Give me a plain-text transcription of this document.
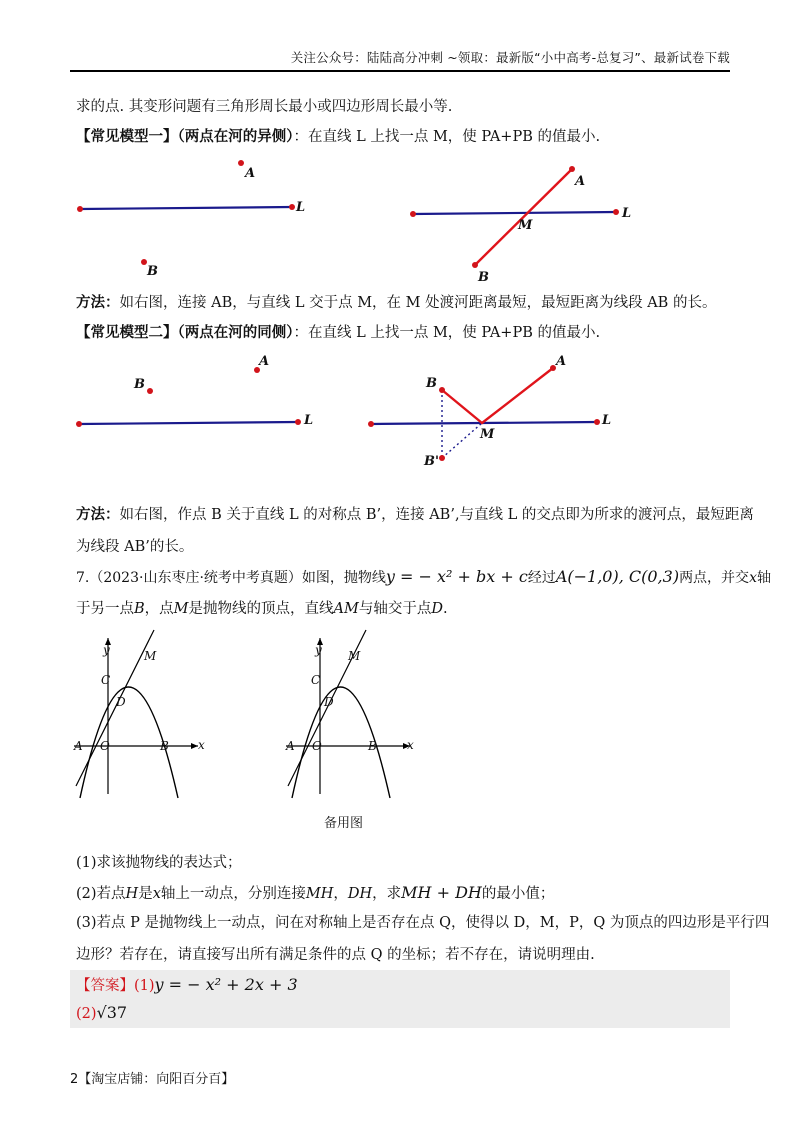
关注公众号：陆陆高分冲刺 ~领取：最新版“小中高考-总复习”、最新试卷下载
求的点. 其变形问题有三角形周长最小或四边形周长最小等.
【常见模型一】（两点在河的异侧）：在直线 L 上找一点 M，使 PA+PB 的值最小.
A
L
B
A
L
M
B
方法：如右图，连接 AB，与直线 L 交于点 M，在 M 处渡河距离最短，最短距离为线段 AB 的长。
【常见模型二】（两点在河的同侧）：在直线 L 上找一点 M，使 PA+PB 的值最小.
A
B
L
A
B
L
M
B'
方法：如右图，作点 B 关于直线 L 的对称点 B’，连接 AB’,与直线 L 的交点即为所求的渡河点，最短距离
为线段 AB’的长。
7.（2023·山东枣庄·统考中考真题）如图，抛物线y = − x² + bx + c经过A(−1,0), C(0,3)两点，并交x轴
于另一点B，点M是抛物线的顶点，直线AM与轴交于点D.
y	M
C
D
A O	B x
y M
C
D
A O	B	x
备用图
(1)求该抛物线的表达式；
(2)若点H是x轴上一动点，分别连接MH，DH，求MH + DH的最小值；
(3)若点 P 是抛物线上一动点，问在对称轴上是否存在点 Q，使得以 D，M，P，Q 为顶点的四边形是平行四
边形？若存在，请直接写出所有满足条件的点 Q 的坐标；若不存在，请说明理由.
【答案】(1)y = − x² + 2x + 3
(2)√37
2【淘宝店铺：向阳百分百】
